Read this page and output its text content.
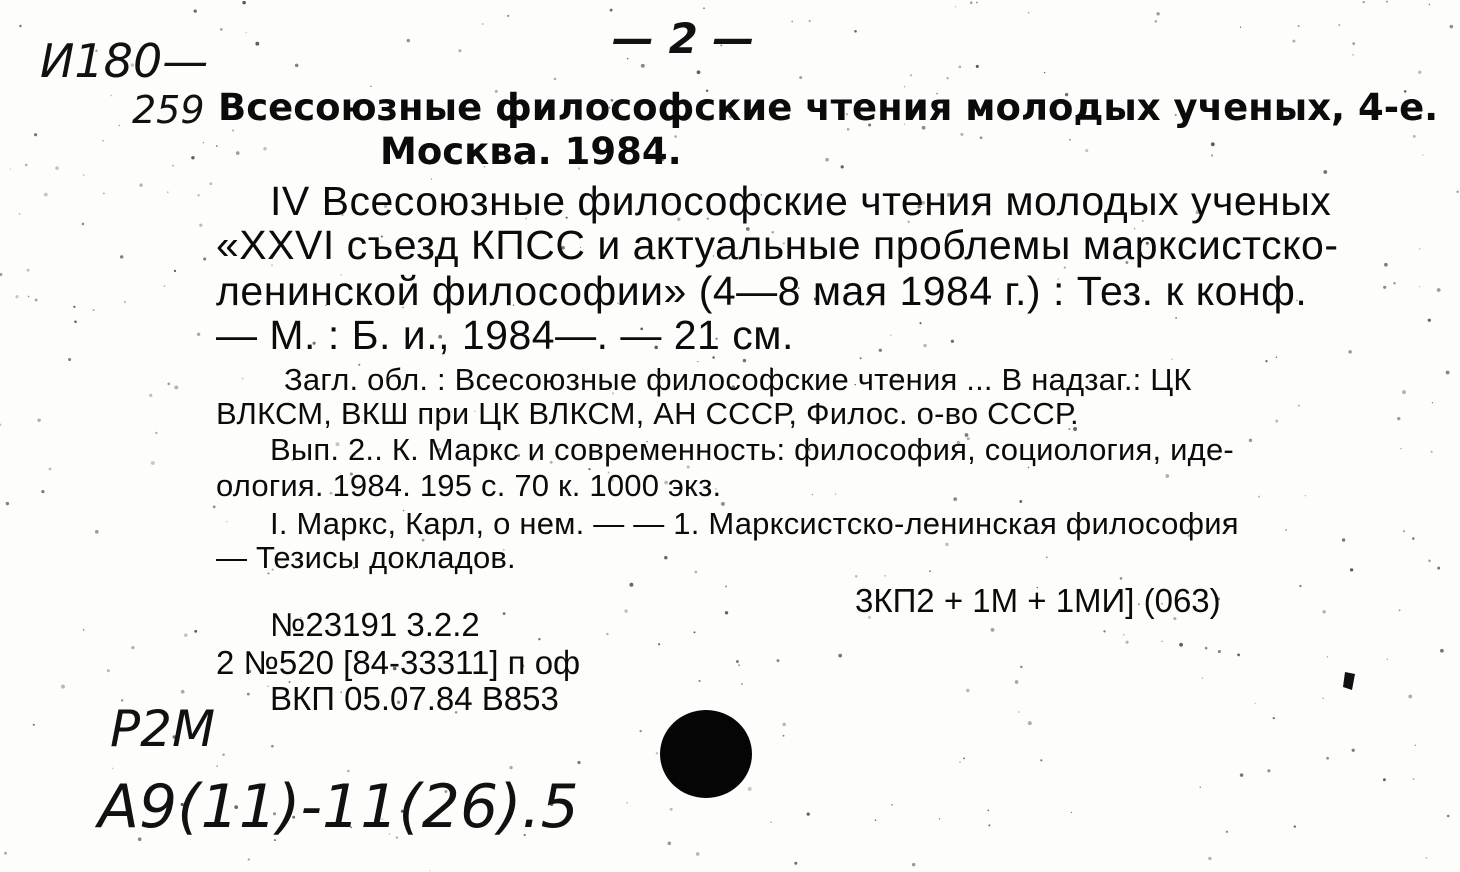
И180—
259
— 2 —
Всесоюзные философские чтения молодых ученых, 4-е.
Москва. 1984.
IV Всесоюзные философские чтения молодых ученых
«XXVI съезд КПСС и актуальные проблемы марксистско-
ленинской философии» (4—8 мая 1984 г.) : Тез. к конф.
— М. : Б. и., 1984—. — 21 см.
Загл. обл. : Всесоюзные философские чтения ... В надзаг.: ЦК
ВЛКСМ, ВКШ при ЦК ВЛКСМ, АН СССР, Филос. о-во СССР.
Вып. 2.. К. Маркс и современность: философия, социология, иде-
ология. 1984. 195 с. 70 к. 1000 экз.
I. Маркс, Карл, о нем. — — 1. Марксистско-ленинская философия
— Тезисы докладов.
3КП2 + 1М + 1МИ] (063)
№23191 3.2.2
2 №520 [84-33311] п оф
ВКП 05.07.84 В853
Р2М
А9(11)-11(26).5
